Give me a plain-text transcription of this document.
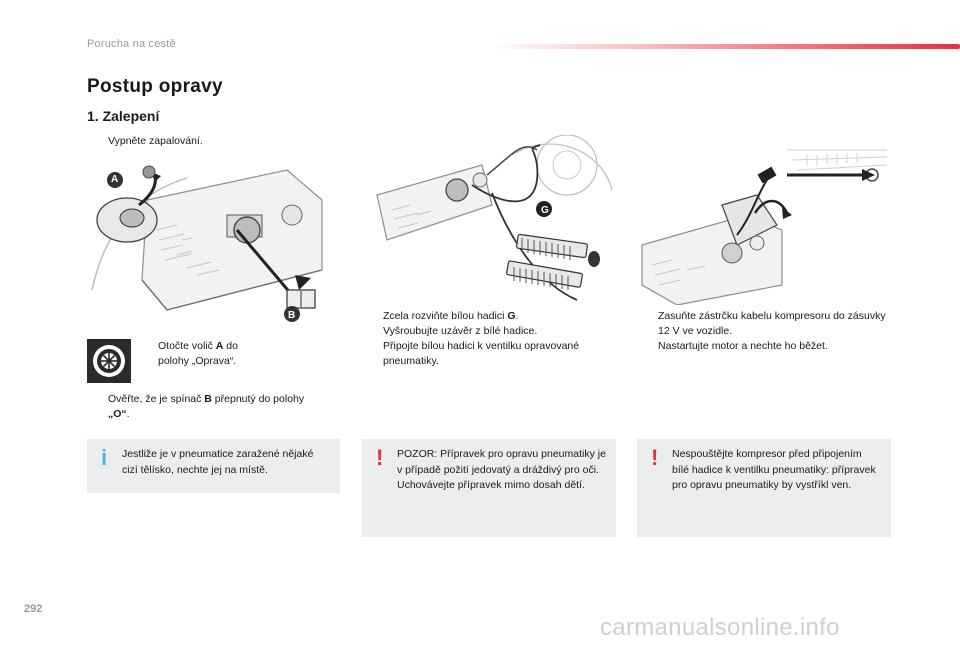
Porucha na cestě
Postup opravy
1. Zalepení
Vypněte zapalování.
A
B
Otočte volič A do polohy „Oprava“.
Ověřte, že je spínač B přepnutý do polohy „O“.
i Jestliže je v pneumatice zaražené nějaké cizí tělísko, nechte jej na místě.
G
Zcela rozviňte bílou hadici G.
Vyšroubujte uzávěr z bílé hadice.
Připojte bílou hadici k ventilku opravované pneumatiky.
! POZOR: Přípravek pro opravu pneumatiky je v případě požití jedovatý a dráždivý pro oči. Uchovávejte přípravek mimo dosah dětí.
Zasuňte zástrčku kabelu kompresoru do zásuvky 12 V ve vozidle.
Nastartujte motor a nechte ho běžet.
! Nespouštějte kompresor před připojením bílé hadice k ventilku pneumatiky: přípravek pro opravu pneumatiky by vystříkl ven.
292
carmanualsonline.info
